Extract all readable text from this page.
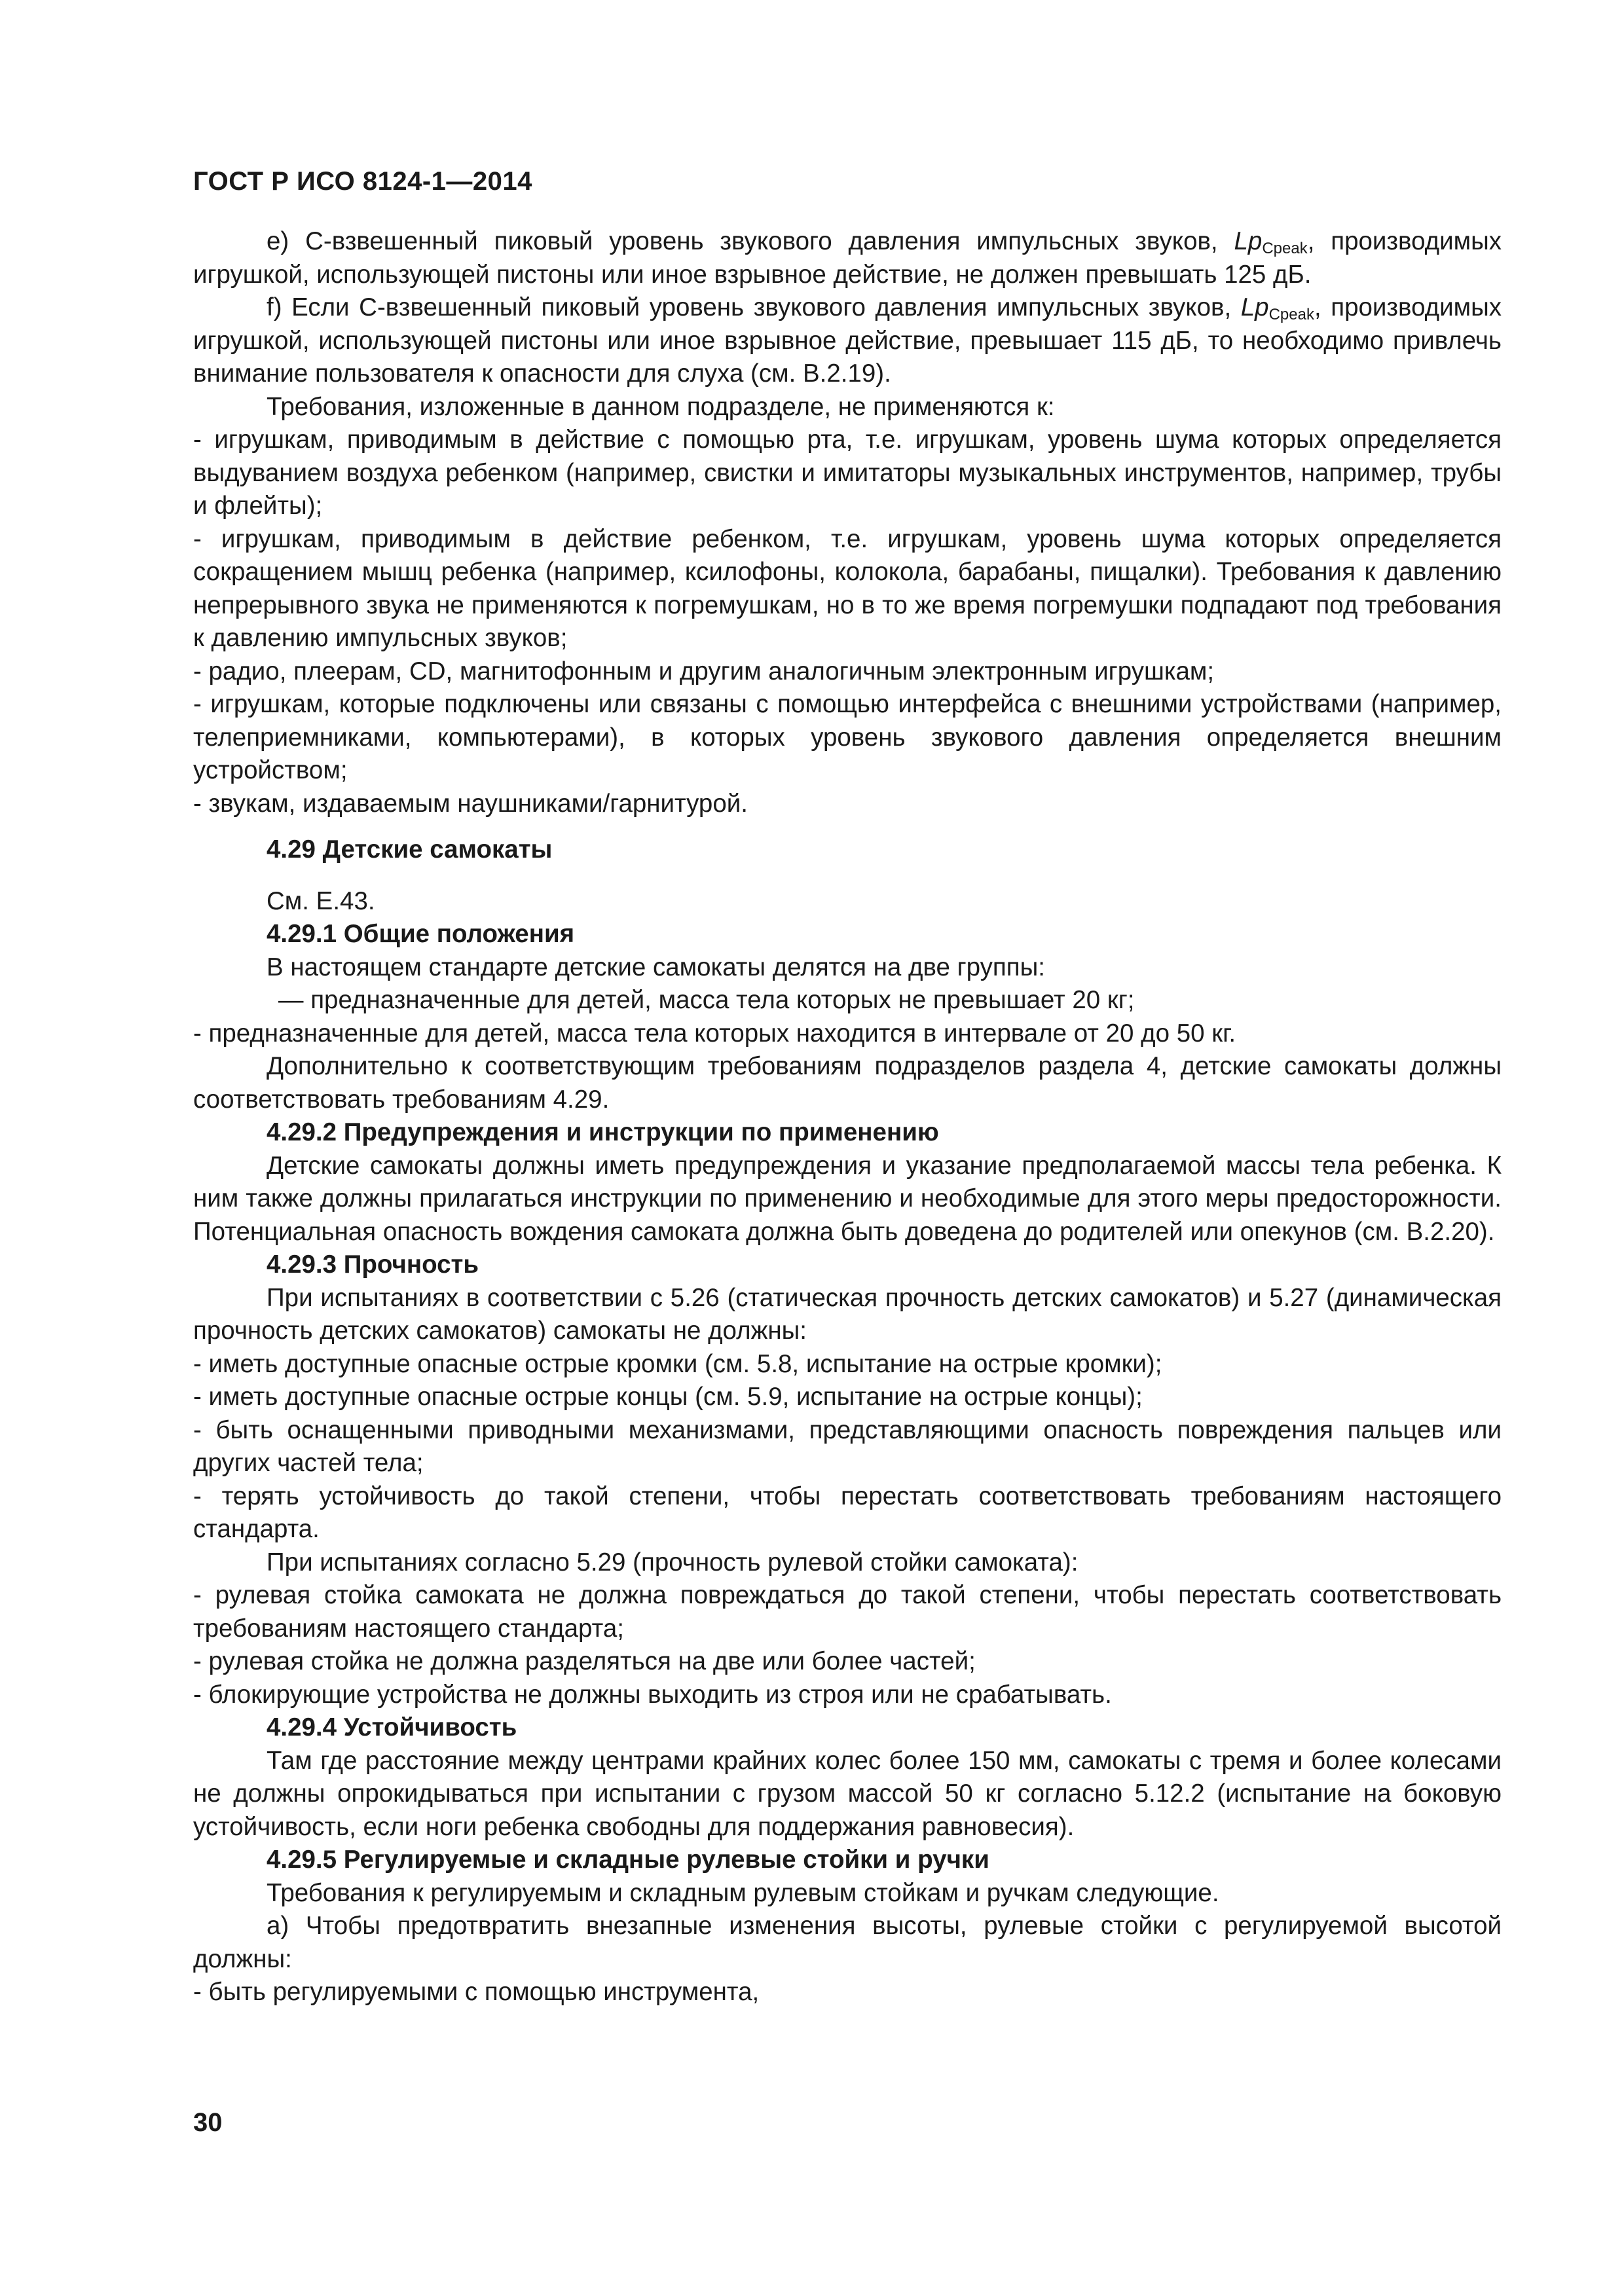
ГОСТ Р ИСО 8124-1—2014

е) С-взвешенный пиковый уровень звукового давления импульсных звуков, $Lp_{Cpeak}$, производимых игрушкой, использующей пистоны или иное взрывное действие, не должен превышать 125 дБ.

f) Если С-взвешенный пиковый уровень звукового давления импульсных звуков, $Lp_{Cpeak}$, производимых игрушкой, использующей пистоны или иное взрывное действие, превышает 115 дБ, то необходимо привлечь внимание пользователя к опасности для слуха (см. В.2.19).

Требования, изложенные в данном подразделе, не применяются к:

- игрушкам, приводимым в действие с помощью рта, т.е. игрушкам, уровень шума которых определяется выдуванием воздуха ребенком (например, свистки и имитаторы музыкальных инструментов, например, трубы и флейты);

- игрушкам, приводимым в действие ребенком, т.е. игрушкам, уровень шума которых определяется сокращением мышц ребенка (например, ксилофоны, колокола, барабаны, пищалки). Требования к давлению непрерывного звука не применяются к погремушкам, но в то же время погремушки подпадают под требования к давлению импульсных звуков;

- радио, плеерам, CD, магнитофонным и другим аналогичным электронным игрушкам;

- игрушкам, которые подключены или связаны с помощью интерфейса с внешними устройствами (например, телеприемниками, компьютерами), в которых уровень звукового давления определяется внешним устройством;

- звукам, издаваемым наушниками/гарнитурой.

4.29 Детские самокаты

См. Е.43.

4.29.1 Общие положения

В настоящем стандарте детские самокаты делятся на две группы:

— предназначенные для детей, масса тела которых не превышает 20 кг;

- предназначенные для детей, масса тела которых находится в интервале от 20 до 50 кг.

Дополнительно к соответствующим требованиям подразделов раздела 4, детские самокаты должны соответствовать требованиям 4.29.

4.29.2 Предупреждения и инструкции по применению

Детские самокаты должны иметь предупреждения и указание предполагаемой массы тела ребенка. К ним также должны прилагаться инструкции по применению и необходимые для этого меры предосторожности. Потенциальная опасность вождения самоката должна быть доведена до родителей или опекунов (см. В.2.20).

4.29.3 Прочность

При испытаниях в соответствии с 5.26 (статическая прочность детских самокатов) и 5.27 (динамическая прочность детских самокатов) самокаты не должны:

- иметь доступные опасные острые кромки (см. 5.8, испытание на острые кромки);

- иметь доступные опасные острые концы (см. 5.9, испытание на острые концы);

- быть оснащенными приводными механизмами, представляющими опасность повреждения пальцев или других частей тела;

- терять устойчивость до такой степени, чтобы перестать соответствовать требованиям настоящего стандарта.

При испытаниях согласно 5.29 (прочность рулевой стойки самоката):

- рулевая стойка самоката не должна повреждаться до такой степени, чтобы перестать соответствовать требованиям настоящего стандарта;

- рулевая стойка не должна разделяться на две или более частей;

- блокирующие устройства не должны выходить из строя или не срабатывать.

4.29.4 Устойчивость

Там где расстояние между центрами крайних колес более 150 мм, самокаты с тремя и более колесами не должны опрокидываться при испытании с грузом массой 50 кг согласно 5.12.2 (испытание на боковую устойчивость, если ноги ребенка свободны для поддержания равновесия).

4.29.5 Регулируемые и складные рулевые стойки и ручки

Требования к регулируемым и складным рулевым стойкам и ручкам следующие.

а) Чтобы предотвратить внезапные изменения высоты, рулевые стойки с регулируемой высотой должны:

- быть регулируемыми с помощью инструмента,

30
